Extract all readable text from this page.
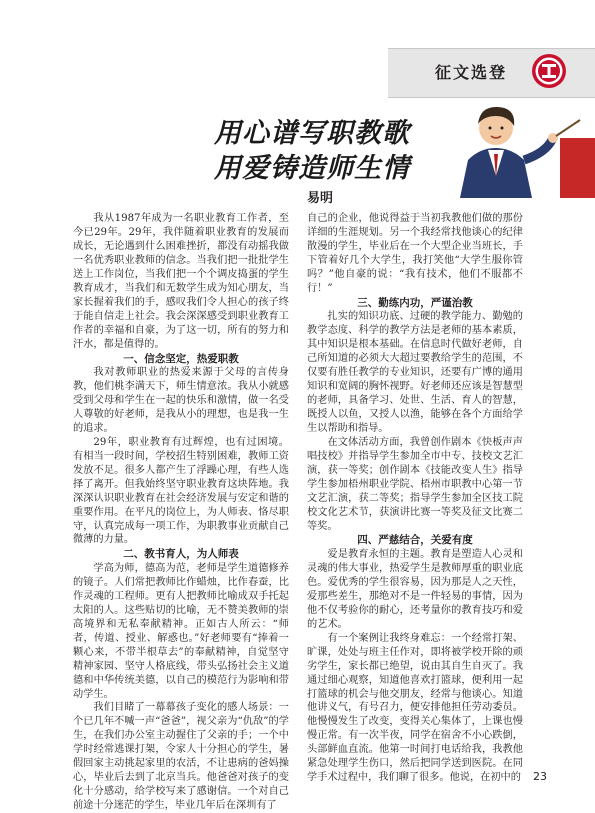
征文选登
用心谱写职教歌
用爱铸造师生情
易明

我从1987年成为一名职业教育工作者，至今已29年。29年，我伴随着职业教育的发展而成长，无论遇到什么困难挫折，都没有动摇我做一名优秀职业教师的信念。当我们把一批批学生送上工作岗位，当我们把一个个调皮捣蛋的学生教育成才，当我们和无数学生成为知心朋友，当家长握着我们的手，感叹我们令人担心的孩子终于能自信走上社会。我会深深感受到职业教育工作者的幸福和自豪，为了这一切，所有的努力和汗水，都是值得的。

一、信念坚定，热爱职教

我对教师职业的热爱来源于父母的言传身教，他们桃李满天下，师生情意浓。我从小就感受到父母和学生在一起的快乐和激情，做一名受人尊敬的好老师，是我从小的理想，也是我一生的追求。

29年，职业教育有过辉煌，也有过困境。有相当一段时间，学校招生特别困难，教师工资发放不足。很多人都产生了浮躁心理，有些人选择了离开。但我始终坚守职业教育这块阵地。我深深认识职业教育在社会经济发展与安定和谐的重要作用。在平凡的岗位上，为人师表、恪尽职守，认真完成每一项工作，为职教事业贡献自己微薄的力量。

二、教书育人，为人师表

学高为师，德高为范，老师是学生道德修养的镜子。人们常把教师比作蜡烛，比作春蚕，比作灵魂的工程师。更有人把教师比喻成双手托起太阳的人。这些贴切的比喻，无不赞美教师的崇高境界和无私奉献精神。正如古人所云：“师者，传道、授业、解惑也。”好老师要有“捧着一颗心来，不带半根草去”的奉献精神，自觉坚守精神家园、坚守人格底线，带头弘扬社会主义道德和中华传统美德，以自己的模范行为影响和带动学生。

我们目睹了一幕幕孩子变化的感人场景：一个已几年不喊一声“爸爸”，视父亲为“仇敌”的学生，在我们办公室主动握住了父亲的手；一个中学时经常逃课打架，令家人十分担心的学生，暑假回家主动挑起家里的农活，不让患病的爸妈操心，毕业后去到了北京当兵。他爸爸对孩子的变化十分感动，给学校写来了感谢信。一个对自己前途十分迷茫的学生，毕业几年后在深圳有了

自己的企业，他说得益于当初我教他们做的那份详细的生涯规划。另一个我经常找他谈心的纪律散漫的学生，毕业后在一个大型企业当班长，手下管着好几个大学生，我打笑他“大学生服你管吗？”他自豪的说：“我有技术，他们不服都不行！”

三、勤练内功，严谨治教

扎实的知识功底、过硬的教学能力、勤勉的教学态度、科学的教学方法是老师的基本素质，其中知识是根本基础。在信息时代做好老师，自己所知道的必须大大超过要教给学生的范围，不仅要有胜任教学的专业知识，还要有广博的通用知识和宽阔的胸怀视野。好老师还应该是智慧型的老师，具备学习、处世、生活、育人的智慧，既授人以鱼，又授人以渔，能够在各个方面给学生以帮助和指导。

在文体活动方面，我曾创作剧本《快板声声唱技校》并指导学生参加全市中专、技校文艺汇演，获一等奖；创作剧本《技能改变人生》指导学生参加梧州职业学院、梧州市职教中心第一节文艺汇演，获二等奖；指导学生参加全区技工院校文化艺术节，获演讲比赛一等奖及征文比赛二等奖。

四、严慈结合，关爱有度

爱是教育永恒的主题。教育是塑造人心灵和灵魂的伟大事业，热爱学生是教师厚重的职业底色。爱优秀的学生很容易，因为那是人之天性，爱那些差生，那绝对不是一件轻易的事情，因为他不仅考验你的耐心，还考量你的教育技巧和爱的艺术。

有一个案例让我终身难忘：一个经常打架、旷课，处处与班主任作对，即将被学校开除的顽劣学生，家长都已绝望，说由其自生自灭了。我通过细心观察，知道他喜欢打篮球，便利用一起打篮球的机会与他交朋友，经常与他谈心。知道他讲义气，有号召力，便安排他担任劳动委员。他慢慢发生了改变，变得关心集体了，上课也慢慢正常。有一次半夜，同学在宿舍不小心跌倒，头部鲜血直流。他第一时间打电话给我，我教他紧急处理学生伤口，然后把同学送到医院。在同学手术过程中，我们聊了很多。他说，在初中的	23
